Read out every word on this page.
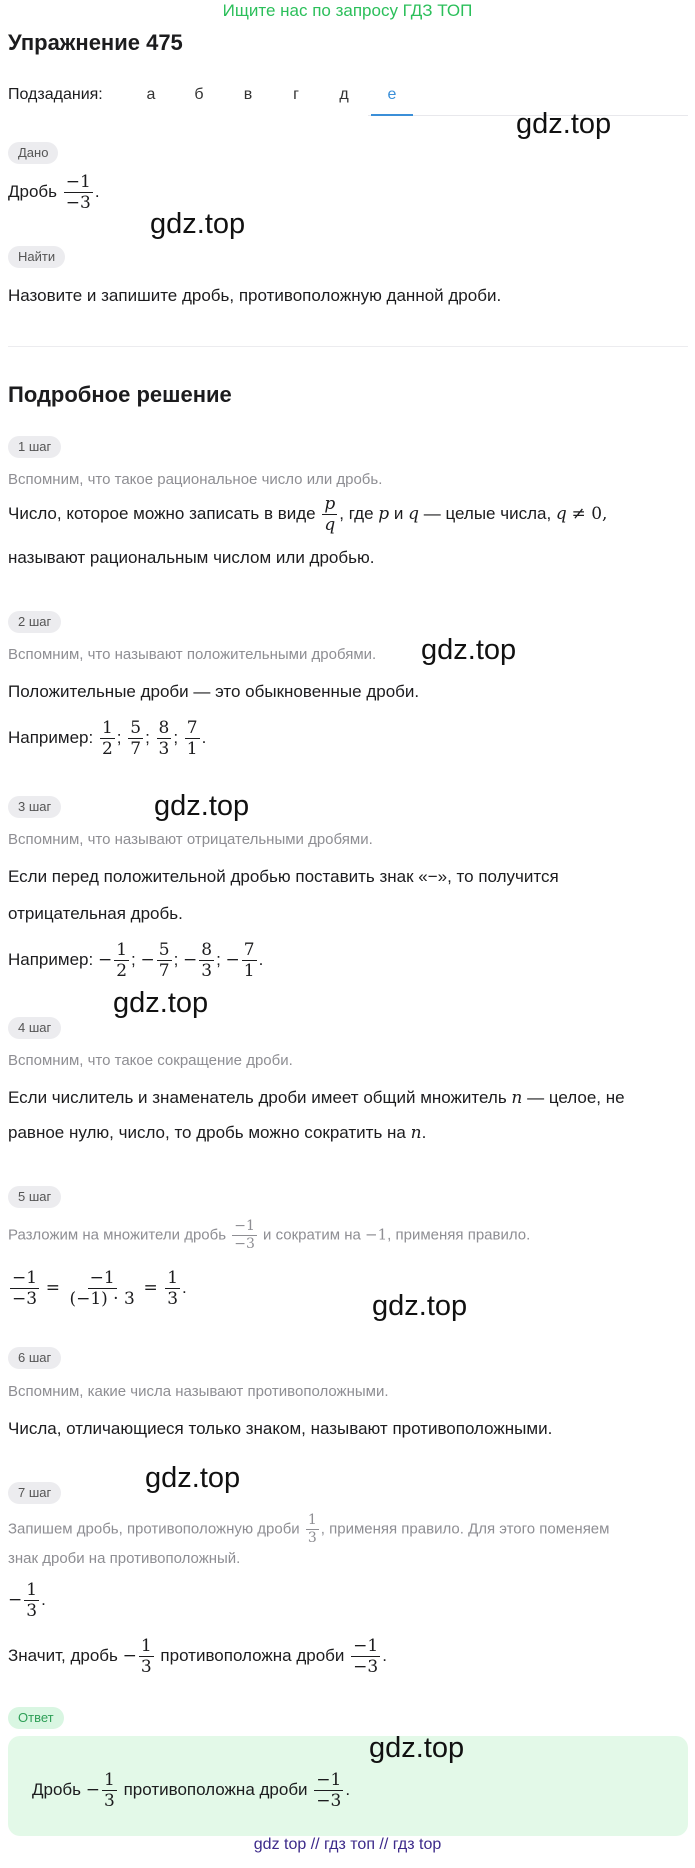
Ищите нас по запросу ГДЗ ТОП
Упражнение 475
Подзадания:	а	б	в	г	д	е
Дано
Дробь $\frac{-1}{-3}$ .
Найти
Назовите и запишите дробь, противоположную данной дроби.
Подробное решение
1 шаг
Вспомним, что такое рациональное число или дробь.
Число, которое можно записать в виде $\frac{p}{q}$ , где p и q — целые числа, q ≠ 0,
называют рациональным числом или дробью.
2 шаг
Вспомним, что называют положительными дробями.
Положительные дроби — это обыкновенные дроби.
Например: $\frac{1}{2}$ ; $\frac{5}{7}$ ; $\frac{8}{3}$ ; $\frac{7}{1}$ .
3 шаг
Вспомним, что называют отрицательными дробями.
Если перед положительной дробью поставить знак «−», то получится
отрицательная дробь.
Например: − $\frac{1}{2}$ ; − $\frac{5}{7}$ ; − $\frac{8}{3}$ ; − $\frac{7}{1}$ .
4 шаг
Вспомним, что такое сокращение дроби.
Если числитель и знаменатель дроби имеет общий множитель n — целое, не
равное нулю, число, то дробь можно сократить на n.
5 шаг
Разложим на множители дробь $\frac{-1}{-3}$ и сократим на −1, применяя правило.
$\frac{-1}{-3} = \frac{-1}{(-1) \cdot 3} = \frac{1}{3}$ .
6 шаг
Вспомним, какие числа называют противоположными.
Числа, отличающиеся только знаком, называют противоположными.
7 шаг
Запишем дробь, противоположную дроби $\frac{1}{3}$ , применяя правило. Для этого поменяем
знак дроби на противоположный.
− $\frac{1}{3}$ .
Значит, дробь − $\frac{1}{3}$ противоположна дроби $\frac{-1}{-3}$ .
Ответ
Дробь − $\frac{1}{3}$ противоположна дроби $\frac{-1}{-3}$ .
gdz.top
gdz.top
gdz.top
gdz.top
gdz.top
gdz.top
gdz.top
gdz.top
gdz top // гдз топ // гдз top
